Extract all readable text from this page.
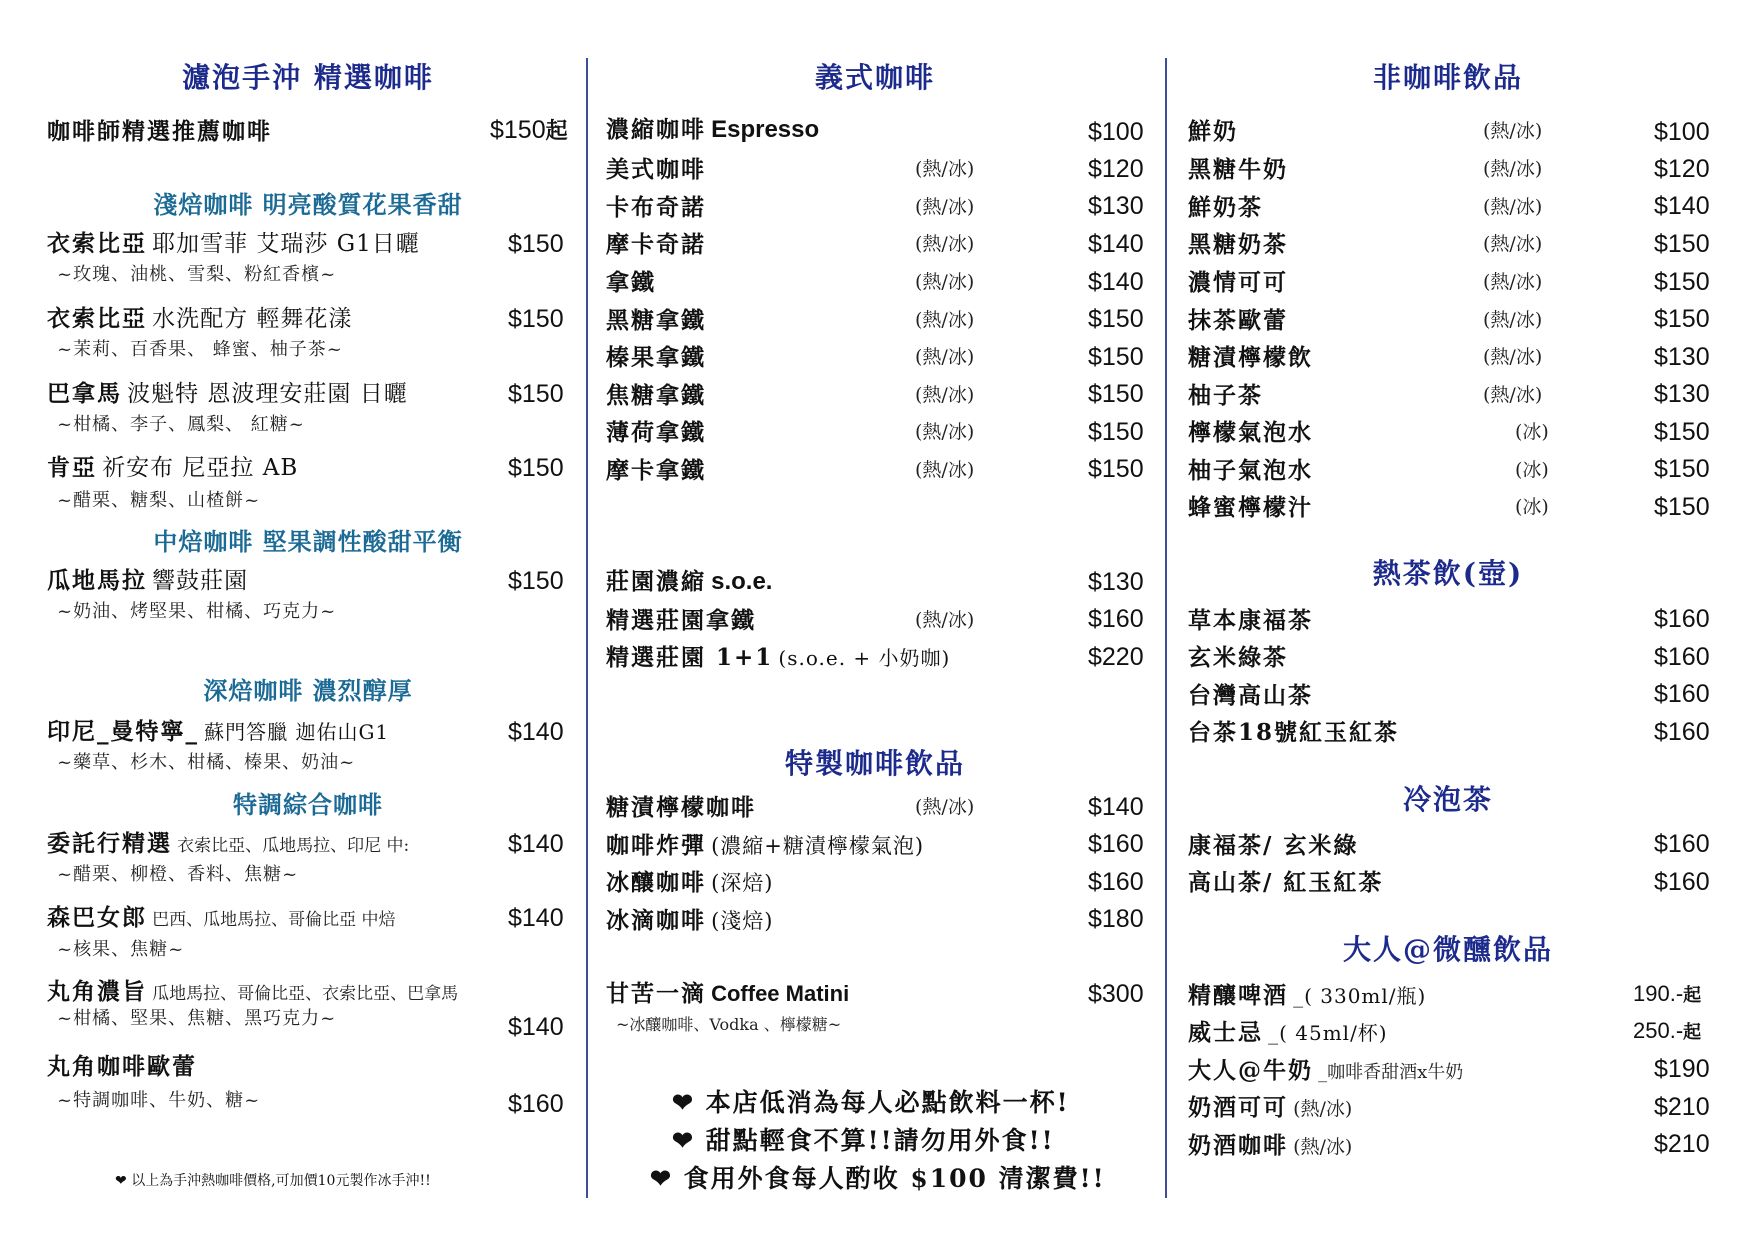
濾泡手沖 精選咖啡
咖啡師精選推薦咖啡	$150起
淺焙咖啡 明亮酸質花果香甜
衣索比亞 耶加雪菲 艾瑞莎 G1日曬	$150
~玫瑰、油桃、雪梨、粉紅香檳~
衣索比亞 水洗配方 輕舞花漾	$150
~茉莉、百香果、 蜂蜜、柚子茶~
巴拿馬 波魁特 恩波理安莊園 日曬	$150
~柑橘、李子、鳳梨、 紅糖~
肯亞 祈安布 尼亞拉 AB	$150
~醋栗、糖梨、山楂餅~
中焙咖啡 堅果調性酸甜平衡
瓜地馬拉 響鼓莊園	$150
~奶油、烤堅果、柑橘、巧克力~
深焙咖啡 濃烈醇厚
印尼_曼特寧_ 蘇門答臘 迦佑山G1	$140
~藥草、杉木、柑橘、榛果、奶油~
特調綜合咖啡
委託行精選 衣索比亞、瓜地馬拉、印尼 中:	$140
~醋栗、柳橙、香料、焦糖~
森巴女郎 巴西、瓜地馬拉、哥倫比亞 中焙	$140
~核果、焦糖~
丸角濃旨 瓜地馬拉、哥倫比亞、衣索比亞、巴拿馬
~柑橘、堅果、焦糖、黑巧克力~	$140
丸角咖啡歐蕾
~特調咖啡、牛奶、糖~	$160
❤ 以上為手沖熱咖啡價格,可加價10元製作冰手沖!!
義式咖啡
濃縮咖啡 Espresso	$100
美式咖啡	(熱/冰)	$120
卡布奇諾	(熱/冰)	$130
摩卡奇諾	(熱/冰)	$140
拿鐵	(熱/冰)	$140
黑糖拿鐵	(熱/冰)	$150
榛果拿鐵	(熱/冰)	$150
焦糖拿鐵	(熱/冰)	$150
薄荷拿鐵	(熱/冰)	$150
摩卡拿鐵	(熱/冰)	$150
莊園濃縮 s.o.e.	$130
精選莊園拿鐵	(熱/冰)	$160
精選莊園 1+1 (s.o.e. + 小奶咖)	$220
特製咖啡飲品
糖漬檸檬咖啡	(熱/冰)	$140
咖啡炸彈 (濃縮+糖漬檸檬氣泡)	$160
冰釀咖啡 (深焙)	$160
冰滴咖啡 (淺焙)	$180
甘苦一滴 Coffee Matini	$300
~冰釀咖啡、Vodka 、檸檬糖~
❤ 本店低消為每人必點飲料一杯!
❤ 甜點輕食不算!!請勿用外食!!
❤ 食用外食每人酌收 $100 清潔費!!
非咖啡飲品
鮮奶	(熱/冰)	$100
黑糖牛奶	(熱/冰)	$120
鮮奶茶	(熱/冰)	$140
黑糖奶茶	(熱/冰)	$150
濃情可可	(熱/冰)	$150
抹茶歐蕾	(熱/冰)	$150
糖漬檸檬飲	(熱/冰)	$130
柚子茶	(熱/冰)	$130
檸檬氣泡水	(冰)	$150
柚子氣泡水	(冰)	$150
蜂蜜檸檬汁	(冰)	$150
熱茶飲(壺)
草本康福茶	$160
玄米綠茶	$160
台灣高山茶	$160
台茶18號紅玉紅茶	$160
冷泡茶
康福茶/ 玄米綠	$160
高山茶/ 紅玉紅茶	$160
大人@微醺飲品
精釀啤酒 _( 330ml/瓶)	190.-起
威士忌 _( 45ml/杯)	250.-起
大人@牛奶 _咖啡香甜酒x牛奶	$190
奶酒可可 (熱/冰)	$210
奶酒咖啡 (熱/冰)	$210
